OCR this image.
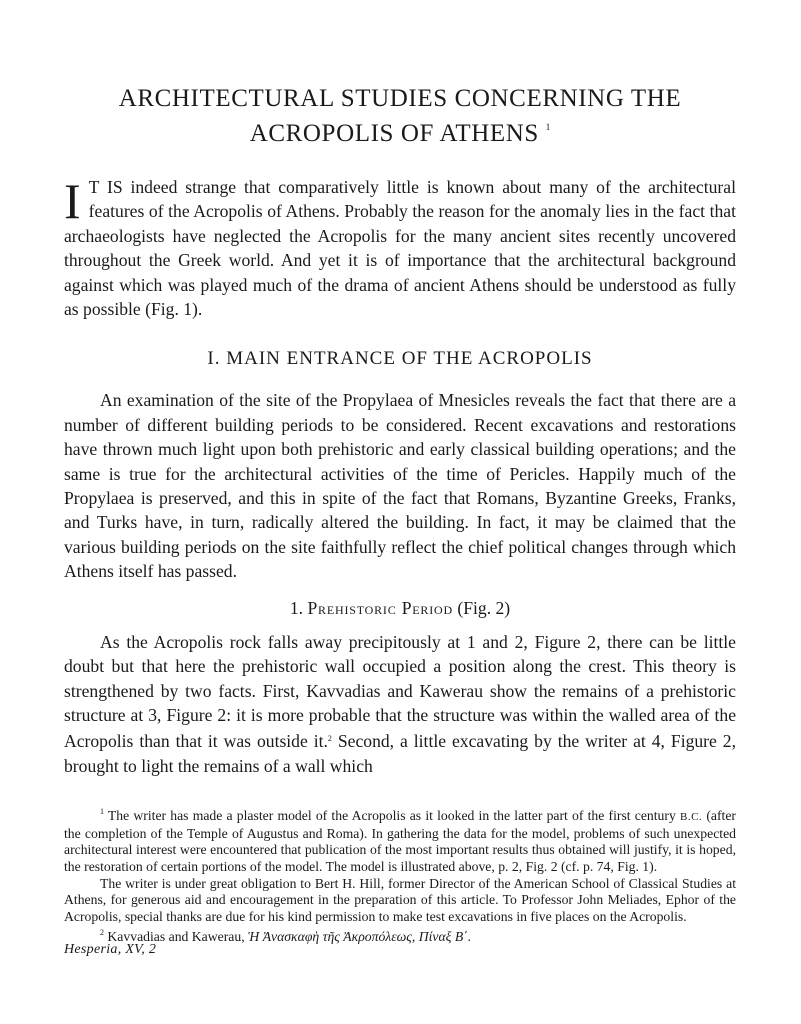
ARCHITECTURAL STUDIES CONCERNING THE
ACROPOLIS OF ATHENS $^1$

I T IS indeed strange that comparatively little is known about many of the architectural features of the Acropolis of Athens. Probably the reason for the anomaly lies in the fact that archaeologists have neglected the Acropolis for the many ancient sites recently uncovered throughout the Greek world. And yet it is of importance that the architectural background against which was played much of the drama of ancient Athens should be understood as fully as possible (Fig. 1).

I. MAIN ENTRANCE OF THE ACROPOLIS

An examination of the site of the Propylaea of Mnesicles reveals the fact that there are a number of different building periods to be considered. Recent excavations and restorations have thrown much light upon both prehistoric and early classical building operations; and the same is true for the architectural activities of the time of Pericles. Happily much of the Propylaea is preserved, and this in spite of the fact that Romans, Byzantine Greeks, Franks, and Turks have, in turn, radically altered the building. In fact, it may be claimed that the various building periods on the site faithfully reflect the chief political changes through which Athens itself has passed.

1. Prehistoric Period (Fig. 2)

As the Acropolis rock falls away precipitously at 1 and 2, Figure 2, there can be little doubt but that here the prehistoric wall occupied a position along the crest. This theory is strengthened by two facts. First, Kavvadias and Kawerau show the remains of a prehistoric structure at 3, Figure 2: it is more probable that the structure was within the walled area of the Acropolis than that it was outside it.$^2$ Second, a little excavating by the writer at 4, Figure 2, brought to light the remains of a wall which

$^1$ The writer has made a plaster model of the Acropolis as it looked in the latter part of the first century B.C. (after the completion of the Temple of Augustus and Roma). In gathering the data for the model, problems of such unexpected architectural interest were encountered that publication of the most important results thus obtained will justify, it is hoped, the restoration of certain portions of the model. The model is illustrated above, p. 2, Fig. 2 (cf. p. 74, Fig. 1).

The writer is under great obligation to Bert H. Hill, former Director of the American School of Classical Studies at Athens, for generous aid and encouragement in the preparation of this article. To Professor John Meliades, Ephor of the Acropolis, special thanks are due for his kind permission to make test excavations in five places on the Acropolis.

$^2$ Kavvadias and Kawerau, Ἡ Ἀνασκαφὴ τῆς Ἀκροπόλεως, Πίναξ Β΄.

Hesperia, XV, 2
